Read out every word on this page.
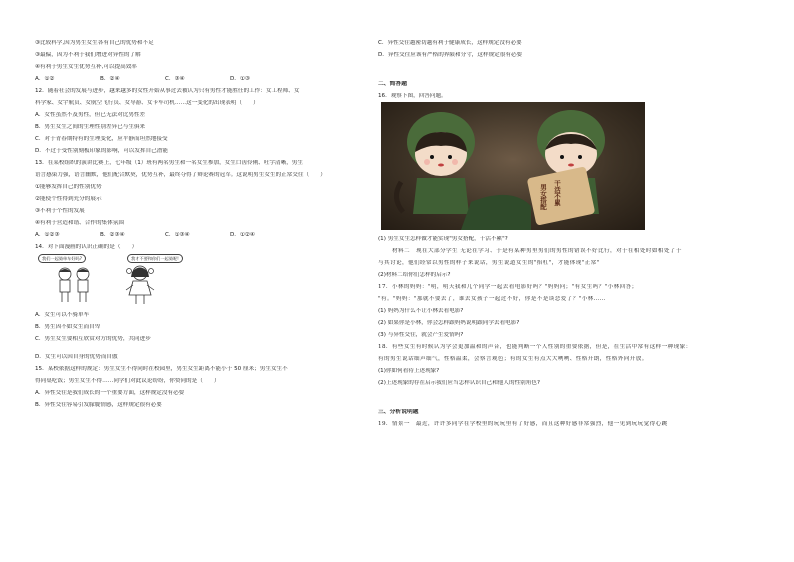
③比较科学,因为男生女生各有自己的优势和不足
③最偏，因为不利于我们增进对异性的了解
④有利于男生女生优势互补,可以提高效率
A．①②	B．②④	C．③④	D．①③
12．随着社会的发展与进步，越来越多的女性开始从事过去被认为只有男性才能胜任的工作：女工程师、女
科学家、女宇航员、女航空飞行员、女导游、女卡车司机……这一变化的出现表明（　　）
A．女性虽然不及男性，但已无法对比男性差
B．男生女生之间的生理性别差异已与生俱来
C．对于青春期特有的生理变化，应平静而坦然地接受
D．不过于受性别刻板印象的影响，可以发挥自己潜能
13．在某校组织的演讲比赛上，七年级（1）班有两名男生和一名女生参加，女生口齿伶俐、吐字清晰，男生
语言感染力强，语言幽默，他们配合默契，优势互补，最终夺得了辩论赛的冠军。这说明男生女生的正常交往（　　）
①能够发挥自己的性别优势
②能使个性得到充分的展示
③不利于个性的发展
④有利于营造和谐、合作的集体氛围
A．①②③	B．②③④	C．①③④	D．①②④
14．对下面漫画的认识正确的是（　　）
我们一起骑单车好吗?	我才不要和你们一起骑呢!
A．女生可以不骑单车
B．男生因不如女生而自卑
C．男生女生要相互欣赏对方的优势，共同进步
D．女生可以因自身的优势而自傲
15．某校依据这样的规定：男生女生不得同时在校园里，男生女生距离不能小于 50 厘米；男生女生不
得同桌吃饭；男生女生不得……同学们对此议论纷纷，你赞同的是（　　）
A．异性交往是我们成长的一个重要方面，这样规定没有必要
B．异性交往容易引发朦胧情感，这样规定很有必要
C．异性交往越密切越有利于健康成长，这样规定没有必要
D．异性交往应该有严格的界限和分寸，这样规定很有必要
二、简答题
16．观察下图，回答问题。
干活不累
男女搭配
(1) 男生女生怎样做才能实现"男女搭配，干活不累"?
材料二　现在大部分学生 无论在学习、于是有某种男里男们的男性的错误不好比行，对于在相处时如相处了于
与其讨论，他们经常以男性的样子来说话，男生说道女生的"抬杠"，才能体现"正常"
(2)材料二给你们怎样的启示?
17．小林的妈妈："明，明天我和几个同学一起去看电影好吗？"妈妈问；"有女生吗？"小林回答；
"有。"妈妈："那就不要去了，谁去女孩子一起过不好，你是不是谈恋爱了？"小林……
(1) 妈妈为什么不让小林去看电影?
(2) 如果你是小林，你会怎样跟妈妈说明跟同学去看电影?
(3) 与异性交往，就会产生爱情吗?
18．有些女生有时候认为学会更加温和的声音，也能判断一个人性别的重要依据，但是，在生活中常有这样一种现象：
有的男生说话细声细气，性格温柔，会察言观色；有的女生有点大大咧咧、性格开朗，性格外向开放。
(1)你如何看待上述现象?
(2)上述现象的存在启示我们应当怎样认识自己和他人的性别角色?
三、分析说明题
19．情景一　最近，许许多同学在学校里的玩玩里有了好感，而且这种好感非常强烈，他一见到玩玩觉得心跳
